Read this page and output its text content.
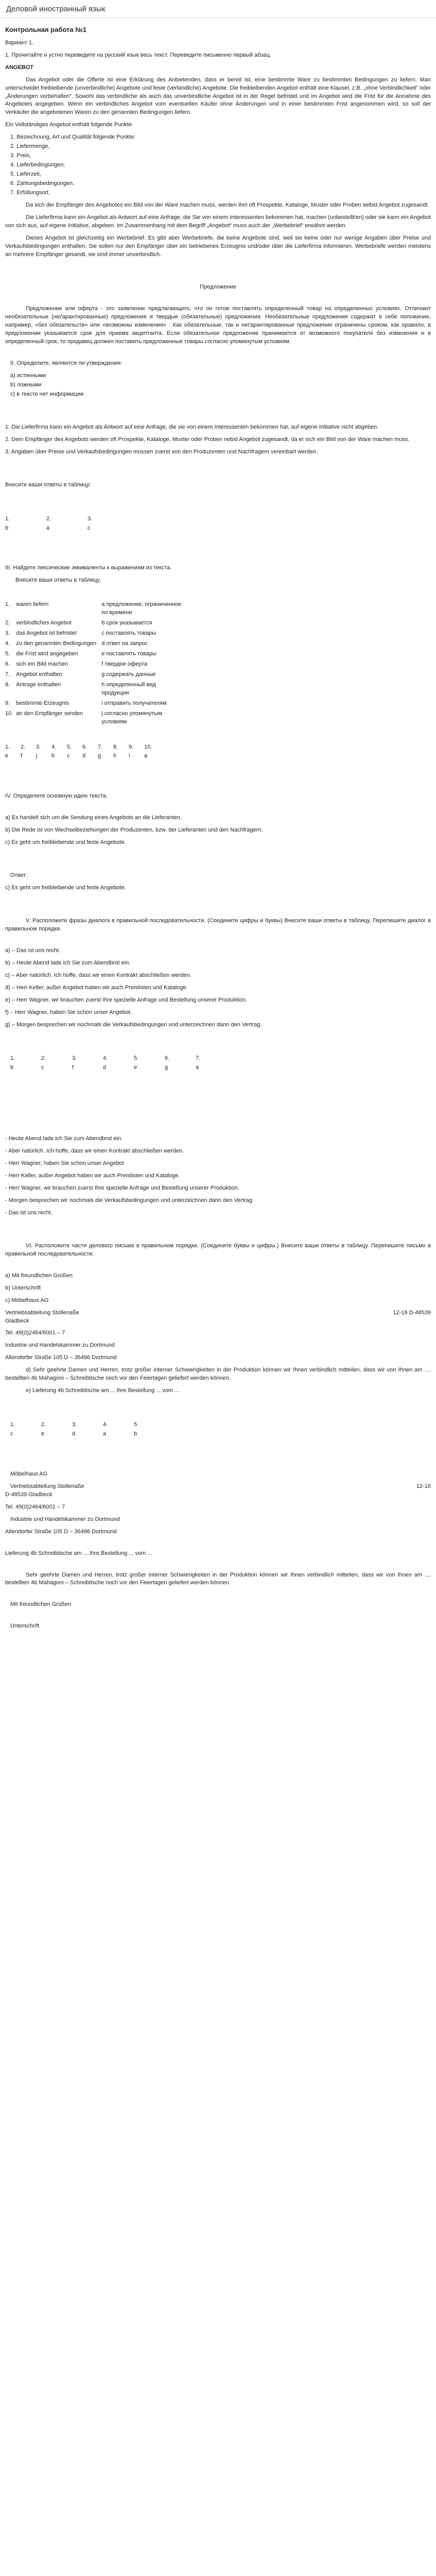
Деловой иностранный язык
Контрольная работа №1

Вариант 1.

1. Прочитайте и устно переведите на русский язык весь текст. Переведите письменно первый абзац.

ANGEBOT

Das Angebot oder die Offerte ist eine Erklärung des Anbietenden, dass er bereit ist, eine bestimmte Ware zu bestimmten Bedingungen zu liefern. Man unterscheidet freibleibende (unverbindliche) Angebote und feste (verbindliche) Angebote. Die freibleibenden Angebot enthält eine Klausel, z.B. „ohne Verbindlichkeit“ oder „Änderungen vorbehalten“. Sowohl das verbindliche als auch das unverbindliche Angebot ist in der Regel befristet und im Angebot wird die Frist für die Annahme des Angebotes angegeben. Wenn ein verbindliches Angebot vom eventuellen Käufer ohne Änderungen und in einer bestimmten Frist angenommen wird, so soll der Verkäufer die angebotenen Waren zu den genannten Bedingungen liefern.

Ein Vollständiges Angebot enthält folgende Punkte:

1. Bezeichnung, Art und Qualität folgende Punkte:
2. Liefermenge,
3. Preis,
4. Lieferbedingungen,
5. Lieferzeit,
6. Zahlungsbedingungen,
7. Erfüllungsort.

Da sich der Empfänger des Angebotes ein Bild von der Ware machen muss, werden ihm oft Prospekte, Kataloge, Muster oder Proben selbst Angebot zugesandt.

Die Lieferfirma kann ein Angebot als Antwort auf eine Anfrage, die Sie von einem Interessenten bekommen hat, machen (unbestellt/en) oder sie kann ein Angebot von sich aus, auf eigene Initiative, abgeben. Im Zusammenhang mit dem Begriff „Angebot“ muss auch der „Werbebrief“ erwähnt werden.

Dieses Angebot ist gleichzeitig ein Werbebrief. Es gibt aber Werbebriefe, die keine Angebote sind, weil sie keine oder nur wenige Angaben über Preise und Verkaufsbedingungen enthalten. Sie sollen nur den Empfänger über ein betriebenes Erzeugnis und/oder über die Lieferfirma informieren. Werbebriefe werden meistens an mehrere Empfänger gesandt, sie sind immer unverbindlich.

Предложение

Предложение или оферта - это заявление предлагающего, что он готов поставлять определенный товар на определенных условиях. Отличают необязательные (неґарантированные) предложения и твердые (обязательные) предложения. Необязательные предложения содержат в себе положение, например, «без обязательств» или «возможны изменения» . Как обязательные, так и неґарантированные предложения ограничены сроком, как правило, в предложении указывается срок для приема акцептанта. Если обязательное предложение принимается от возможного покупателя без изменения и в определенный срок, то продавец должен поставить предложенные товары согласно упомянутым условиям.

II. Определите, являются ли утверждения:

а) истинными
b) ложными
c) в тексте нет информации

1. Die Lieferfirma kann ein Angebot als Antwort auf eine Anfrage, die sie von einem Interessenten bekommen hat, auf eigene Initiative nicht abgeben.

2. Dem Empfänger des Angebots werden oft Prospekte, Kataloge, Muster oder Proben nebst Angebot zugesandt, da er sich ein Bild von der Ware machen muss.

3. Angaben über Preise und Verkaufsbedingungen müssen zuerst von den Produzenten und Nachfragern vereinbart werden.

Внесите ваши ответы в таблицу:

1.	2.	3.
b	a	c

III. Найдите лексические эквиваленты к выражениям из текста.

Внесите ваши ответы в таблицу.

1.	waren liefern	а предложение, ограниченное по времени
2.	verbindliches Angebot	b срок указывается
3.	das Angebot ist befristet	c поставлять товары
4.	zu den genannten Bedingungen	d ответ на запрос
5.	die Frist wird angegeben	e поставлять товары
6.	sich ein Bild machen	f твердое оферта
7.	Angebot enthalten	g содержать данные
8.	Antrage enthalten	h определенный вид продукции
9.	bestimmte Erzeugnis	i отправить получателям
10.	an den Empfänger senden	j согласно упомянутым условиям
1.	2.	3.	4.	5.	6.	7.	8.	9.	10.
e	f	j	b	c	d	g	h	i	a

IV. Определите основную идею текста.

a) Es handelt sich um die Sendung eines Angebots an die Lieferanten.

b) Die Rede ist von Wechselbeziehungen der Produzenten, bzw. der Lieferanten und den Nachfragern.

c) Es geht um freibleibende und feste Angebote.

Ответ:

c) Es geht um freibleibende und feste Angebote.

V. Расположите фразы диалога в правильной последовательности. (Соедините цифры и буквы) Внесите ваши ответы в таблицу. Перепишите диалог в правильном порядке.

a) – Das ist uns recht.

b) – Heute Abend lade ich Sie zum Abendbrot ein.

c) – Aber natürlich. Ich hoffe, dass wir einen Kontrakt abschließen werden.

d) – Herr Keller, außer Angebot haben wir auch Preislisten und Kataloge.

e) – Herr Wagner, wir brauchen zuerst Ihre spezielle Anfrage und Bestellung unserer Produktion.

f) – Herr Wagner, haben Sie schon unser Angebot.

g) – Morgen besprechen wir nochmals die Verkaufsbedingungen und unterzeichnen dann den Vertrag.

1.	2.	3.	4.	5.	6.	7.
b	c	f	d	e	g	a

- Heute Abend lade ich Sie zum Abendbrot ein.

- Aber natürlich. Ich hoffe, dass wir einen Kontrakt abschließen werden.

- Herr Wagner, haben Sie schon unser Angebot

- Herr Keller, außer Angebot haben wir auch Preislisten und Kataloge.

- Herr Wagner, wir brauchen zuerst Ihre spezielle Anfrage und Bestellung unserer Produktion.

- Morgen besprechen wir nochmals die Verkaufsbedingungen und unterzeichnen dann den Vertrag.

- Das ist uns recht.

VI. Расположите части делового письма в правильном порядке. (Соедините буквы и цифры.) Внесите ваши ответы в таблицу. Перепишите письмо в правильной последовательности.

a) Mit freundlichen Grüßen

b) Unterschrift

c) Möbelhaus AG

Vertriebsabteilung Stollenaße	12-16 D-48539

Gladbeck

Tel. 49(0)2464/6001 – 7

Industrie und Handelskammer zu Dortmund

Altendorfer Straße 105 D – 36486 Dortmund

d) Sehr geehrte Damen und Herren, trotz großer interner Schwierigkeiten in der Produktion können wir Ihnen verbindlich mitteilen, dass wir von Ihnen am .... bestellten 4b Mahagoni – Schreibtische noch vor den Feiertagen geliefert werden können.

e) Lieferung 4b Schreibtische am ... Ihre Bestellung ... vom ...

1.	2.	3.	4.	5.
c	e	d	a	b

Möbelhaus AG

Vertriebsabteilung Stollenaße	12-16

D-48539 Gladbeck

Tel. 49(0)2464/6001 – 7

Industrie und Handelskammer zu Dortmund

Altendorfer Straße 105 D – 36486 Dortmund

Lieferung 4b Schreibtische am ....Ihre Bestellung ... vom ...

Sehr geehrte Damen und Herren, trotz großer interner Schwierigkeiten in der Produktion können wir Ihnen verbindlich mitteilen, dass wir von Ihnen am .... bestellten 4b Mahagoni – Schreibtische noch vor den Feiertagen geliefert werden können.

Mit freundlichen Grüßen

Unterschrift
